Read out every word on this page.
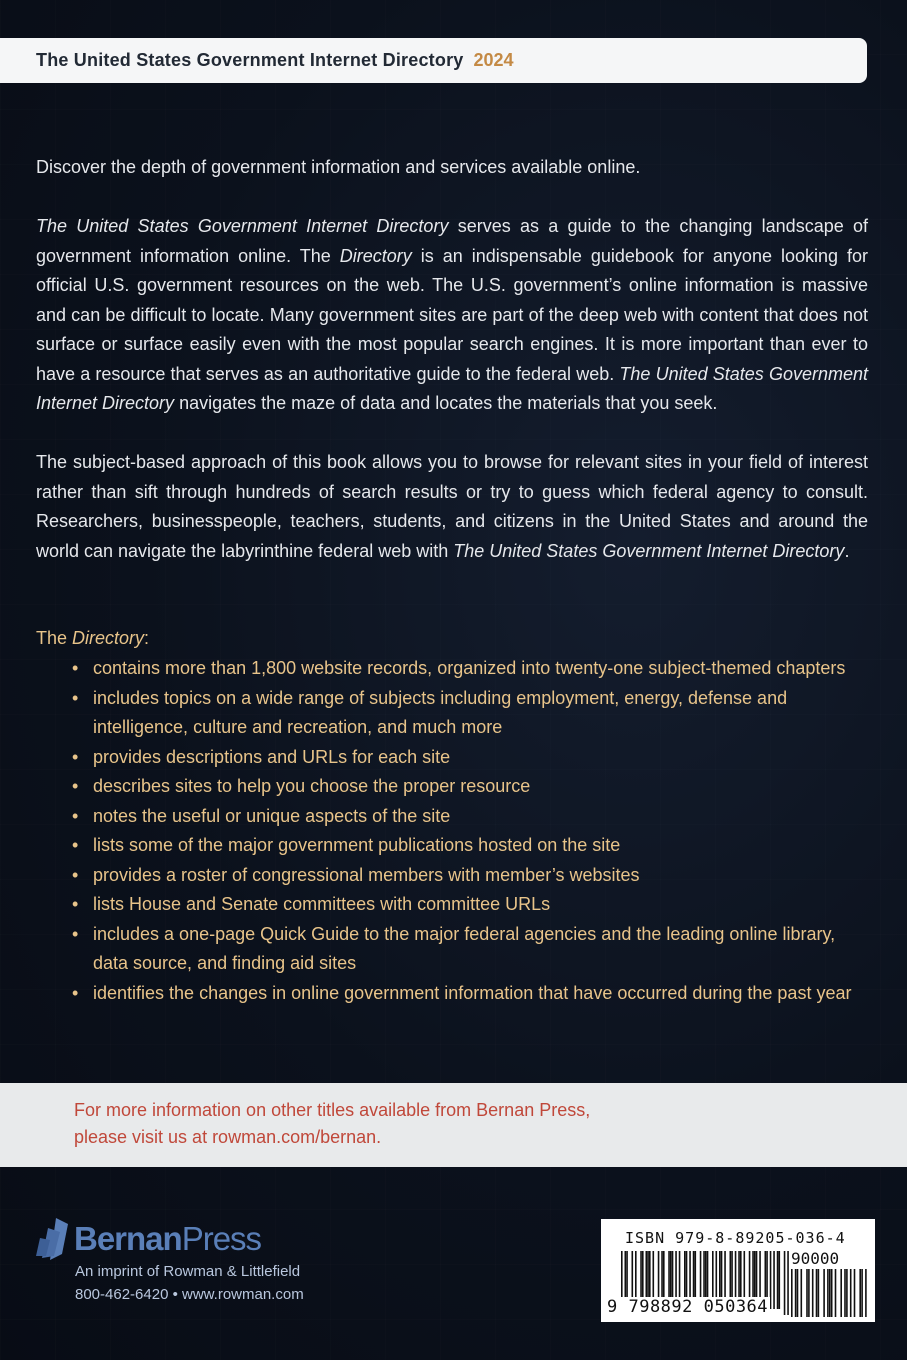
The United States Government Internet Directory 2024

Discover the depth of government information and services available online.

The United States Government Internet Directory serves as a guide to the changing landscape of government information online. The Directory is an indispensable guidebook for anyone looking for official U.S. government resources on the web. The U.S. government’s online information is massive and can be difficult to locate. Many government sites are part of the deep web with content that does not surface or surface easily even with the most popular search engines. It is more important than ever to have a resource that serves as an authoritative guide to the federal web. The United States Government Internet Directory navigates the maze of data and locates the materials that you seek.

The subject-based approach of this book allows you to browse for relevant sites in your field of interest rather than sift through hundreds of search results or try to guess which federal agency to consult. Researchers, businesspeople, teachers, students, and citizens in the United States and around the world can navigate the labyrinthine federal web with The United States Government Internet Directory.

The Directory:

• contains more than 1,800 website records, organized into twenty-one subject-themed chapters
• includes topics on a wide range of subjects including employment, energy, defense and intelligence, culture and recreation, and much more
• provides descriptions and URLs for each site
• describes sites to help you choose the proper resource
• notes the useful or unique aspects of the site
• lists some of the major government publications hosted on the site
• provides a roster of congressional members with member’s websites
• lists House and Senate committees with committee URLs
• includes a one-page Quick Guide to the major federal agencies and the leading online library, data source, and finding aid sites
• identifies the changes in online government information that have occurred during the past year
For more information on other titles available from Bernan Press,
please visit us at rowman.com/bernan.
BernanPress
An imprint of Rowman & Littlefield
800-462-6420 • www.rowman.com
ISBN 979-8-89205-036-4
90000
9 798892 050364
